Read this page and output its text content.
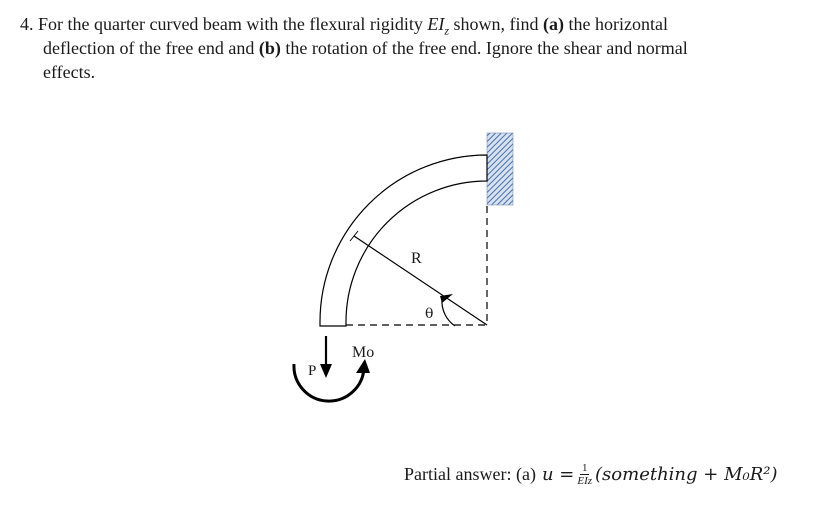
4. For the quarter curved beam with the flexural rigidity $EI_z$ shown, find (a) the horizontal
deflection of the free end and (b) the rotation of the free end. Ignore the shear and normal
effects.
R
θ
P
Mo
Partial answer: (a) $u = \frac{1}{\text{EIz}}$ (something + M₀R²)
